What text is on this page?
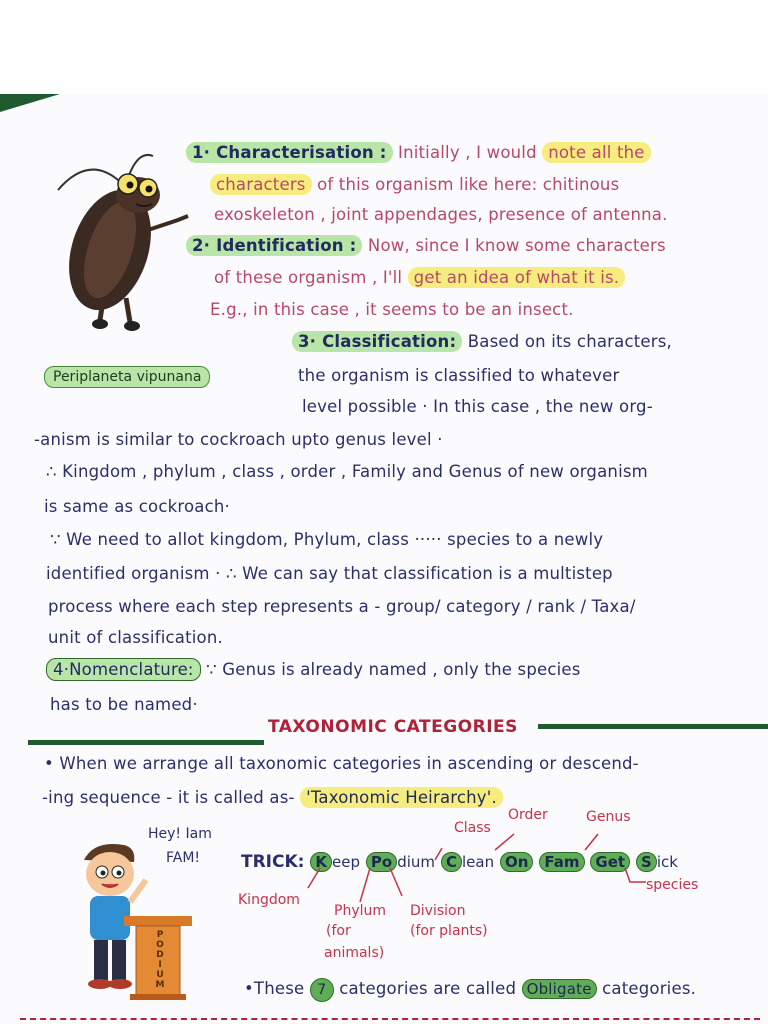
Periplaneta vipunana
1· Characterisation : Initially , I would note all the
characters of this organism like here: chitinous
exoskeleton , joint appendages, presence of antenna.
2· Identification : Now, since I know some characters
of these organism , I'll get an idea of what it is.
E.g., in this case , it seems to be an insect.
3· Classification: Based on its characters,
the organism is classified to whatever
level possible · In this case , the new org-
-anism is similar to cockroach upto genus level ·
∴ Kingdom , phylum , class , order , Family and Genus of new organism
is same as cockroach·
∵ We need to allot kingdom, Phylum, class ····· species to a newly
identified organism · ∴ We can say that classification is a multistep
process where each step represents a - group/ category / rank / Taxa/
unit of classification.
4·Nomenclature: ∵ Genus is already named , only the species
has to be named·
TAXONOMIC CATEGORIES
• When we arrange all taxonomic categories in ascending or descend-
-ing sequence - it is called as- 'Taxonomic Heirarchy'.
Hey! Iam
FAM!
PODIUM
TRICK: K eep Po dium C lean On Fam Get S ick
Class
Order	Genus
species
Kingdom
Phylum
(for
animals)
Division
(for plants)
•These 7 categories are called Obligate categories.
